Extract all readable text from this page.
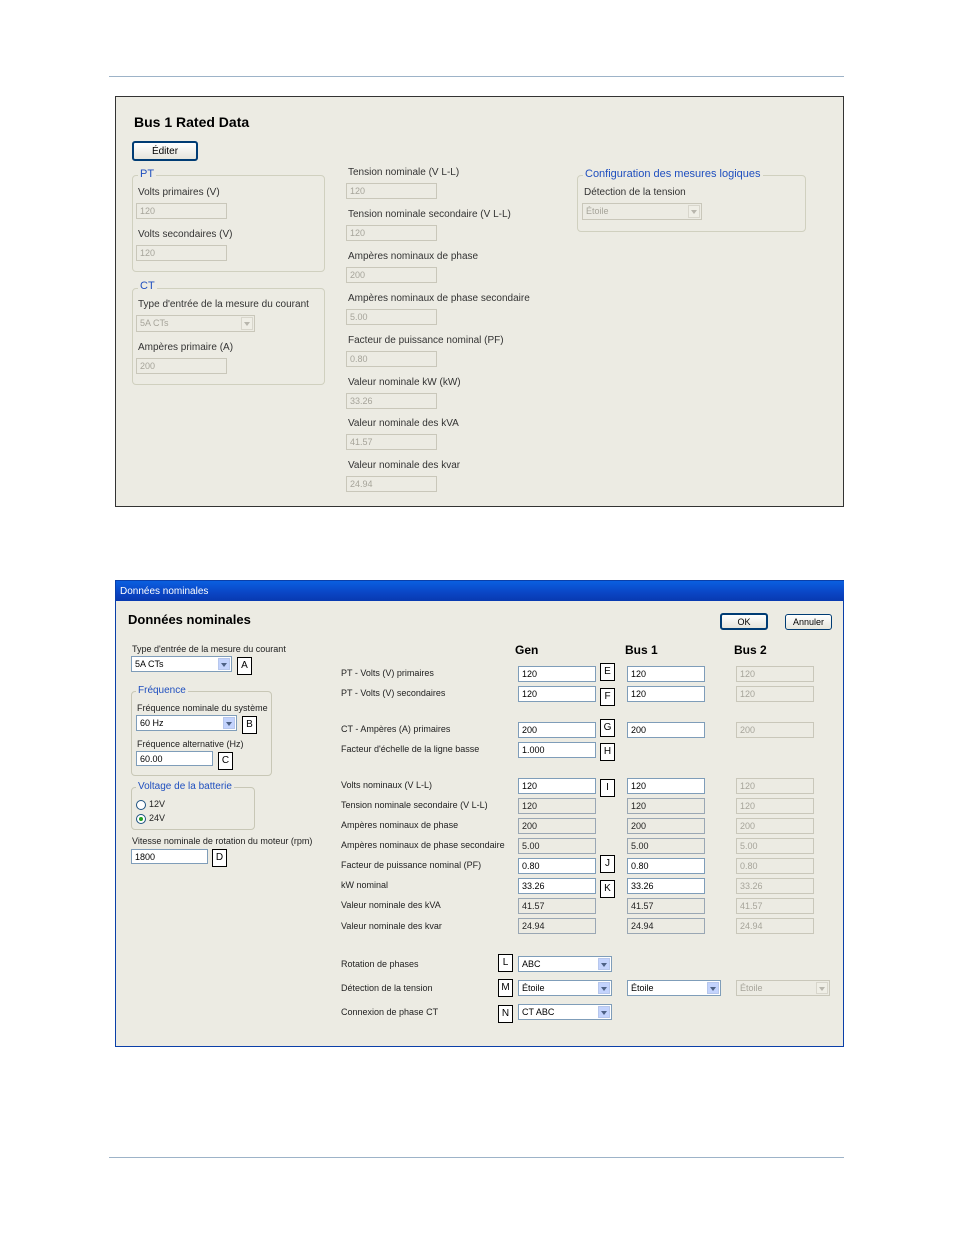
Bus 1 Rated Data
Éditer
PT
Volts primaires (V)
120
Volts secondaires (V)
120
CT
Type d'entrée de la mesure du courant
5A CTs
Ampères primaire (A)
200
Tension nominale (V L-L)
120
Tension nominale secondaire (V L-L)
120
Ampères nominaux de phase
200
Ampères nominaux de phase secondaire
5.00
Facteur de puissance nominal (PF)
0.80
Valeur nominale kW (kW)
33.26
Valeur nominale des kVA
41.57
Valeur nominale des kvar
24.94
Configuration des mesures logiques
Détection de la tension
Étoile
Données nominales
Données nominales	OK	Annuler
Type d'entrée de la mesure du courant
5A CTs	A
Fréquence
Fréquence nominale du système
60 Hz	B
Fréquence alternative (Hz)
60.00	C
Voltage de la batterie
12V
24V
Vitesse nominale de rotation du moteur (rpm)
1800	D
Gen	Bus 1	Bus 2
PT - Volts (V) primaires	120	E	120	120
PT - Volts (V) secondaires	120	F	120	120
CT - Ampères (A) primaires	200	G	200	200
Facteur d'échelle de la ligne basse	1.000	H
Volts nominaux (V L-L)	120	I	120	120
Tension nominale secondaire (V L-L)	120	120	120
Ampères nominaux de phase	200	200	200
Ampères nominaux de phase secondaire	5.00	5.00	5.00
Facteur de puissance nominal (PF)	0.80	J	0.80	0.80
kW nominal	33.26	K	33.26	33.26
Valeur nominale des kVA	41.57	41.57	41.57
Valeur nominale des kvar	24.94	24.94	24.94
Rotation de phases	L	ABC
Détection de la tension	M	Étoile	Étoile	Étoile
Connexion de phase CT	N	CT ABC
